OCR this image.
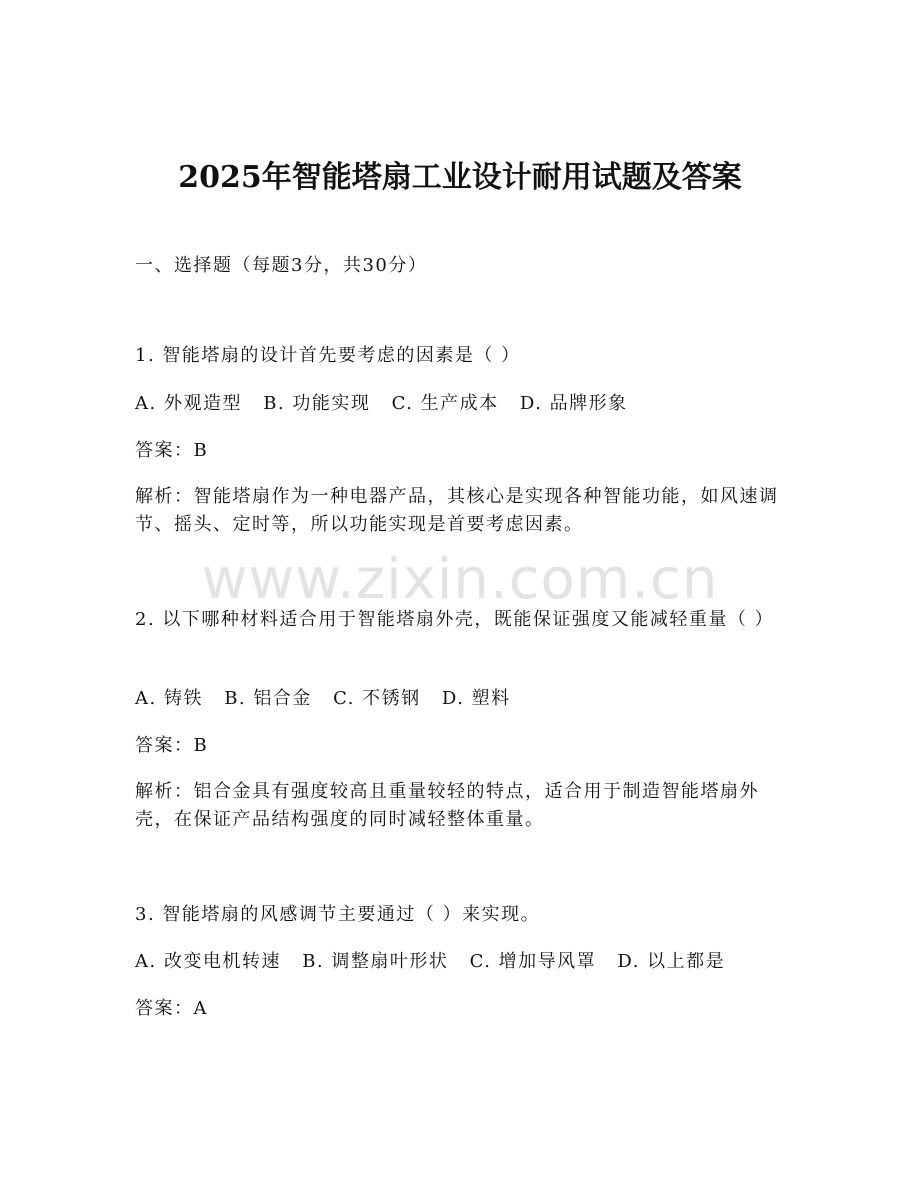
2025年智能塔扇工业设计耐用试题及答案
一、选择题（每题3分，共30分）
1. 智能塔扇的设计首先要考虑的因素是（ ）
A. 外观造型 B. 功能实现 C. 生产成本 D. 品牌形象
答案：B
解析：智能塔扇作为一种电器产品，其核心是实现各种智能功能，如风速调节、摇头、定时等，所以功能实现是首要考虑因素。
2. 以下哪种材料适合用于智能塔扇外壳，既能保证强度又能减轻重量（ ）
A. 铸铁 B. 铝合金 C. 不锈钢 D. 塑料
答案：B
解析：铝合金具有强度较高且重量较轻的特点，适合用于制造智能塔扇外壳，在保证产品结构强度的同时减轻整体重量。
3. 智能塔扇的风感调节主要通过（ ）来实现。
A. 改变电机转速 B. 调整扇叶形状 C. 增加导风罩 D. 以上都是
答案：A
www.zixin.com.cn
